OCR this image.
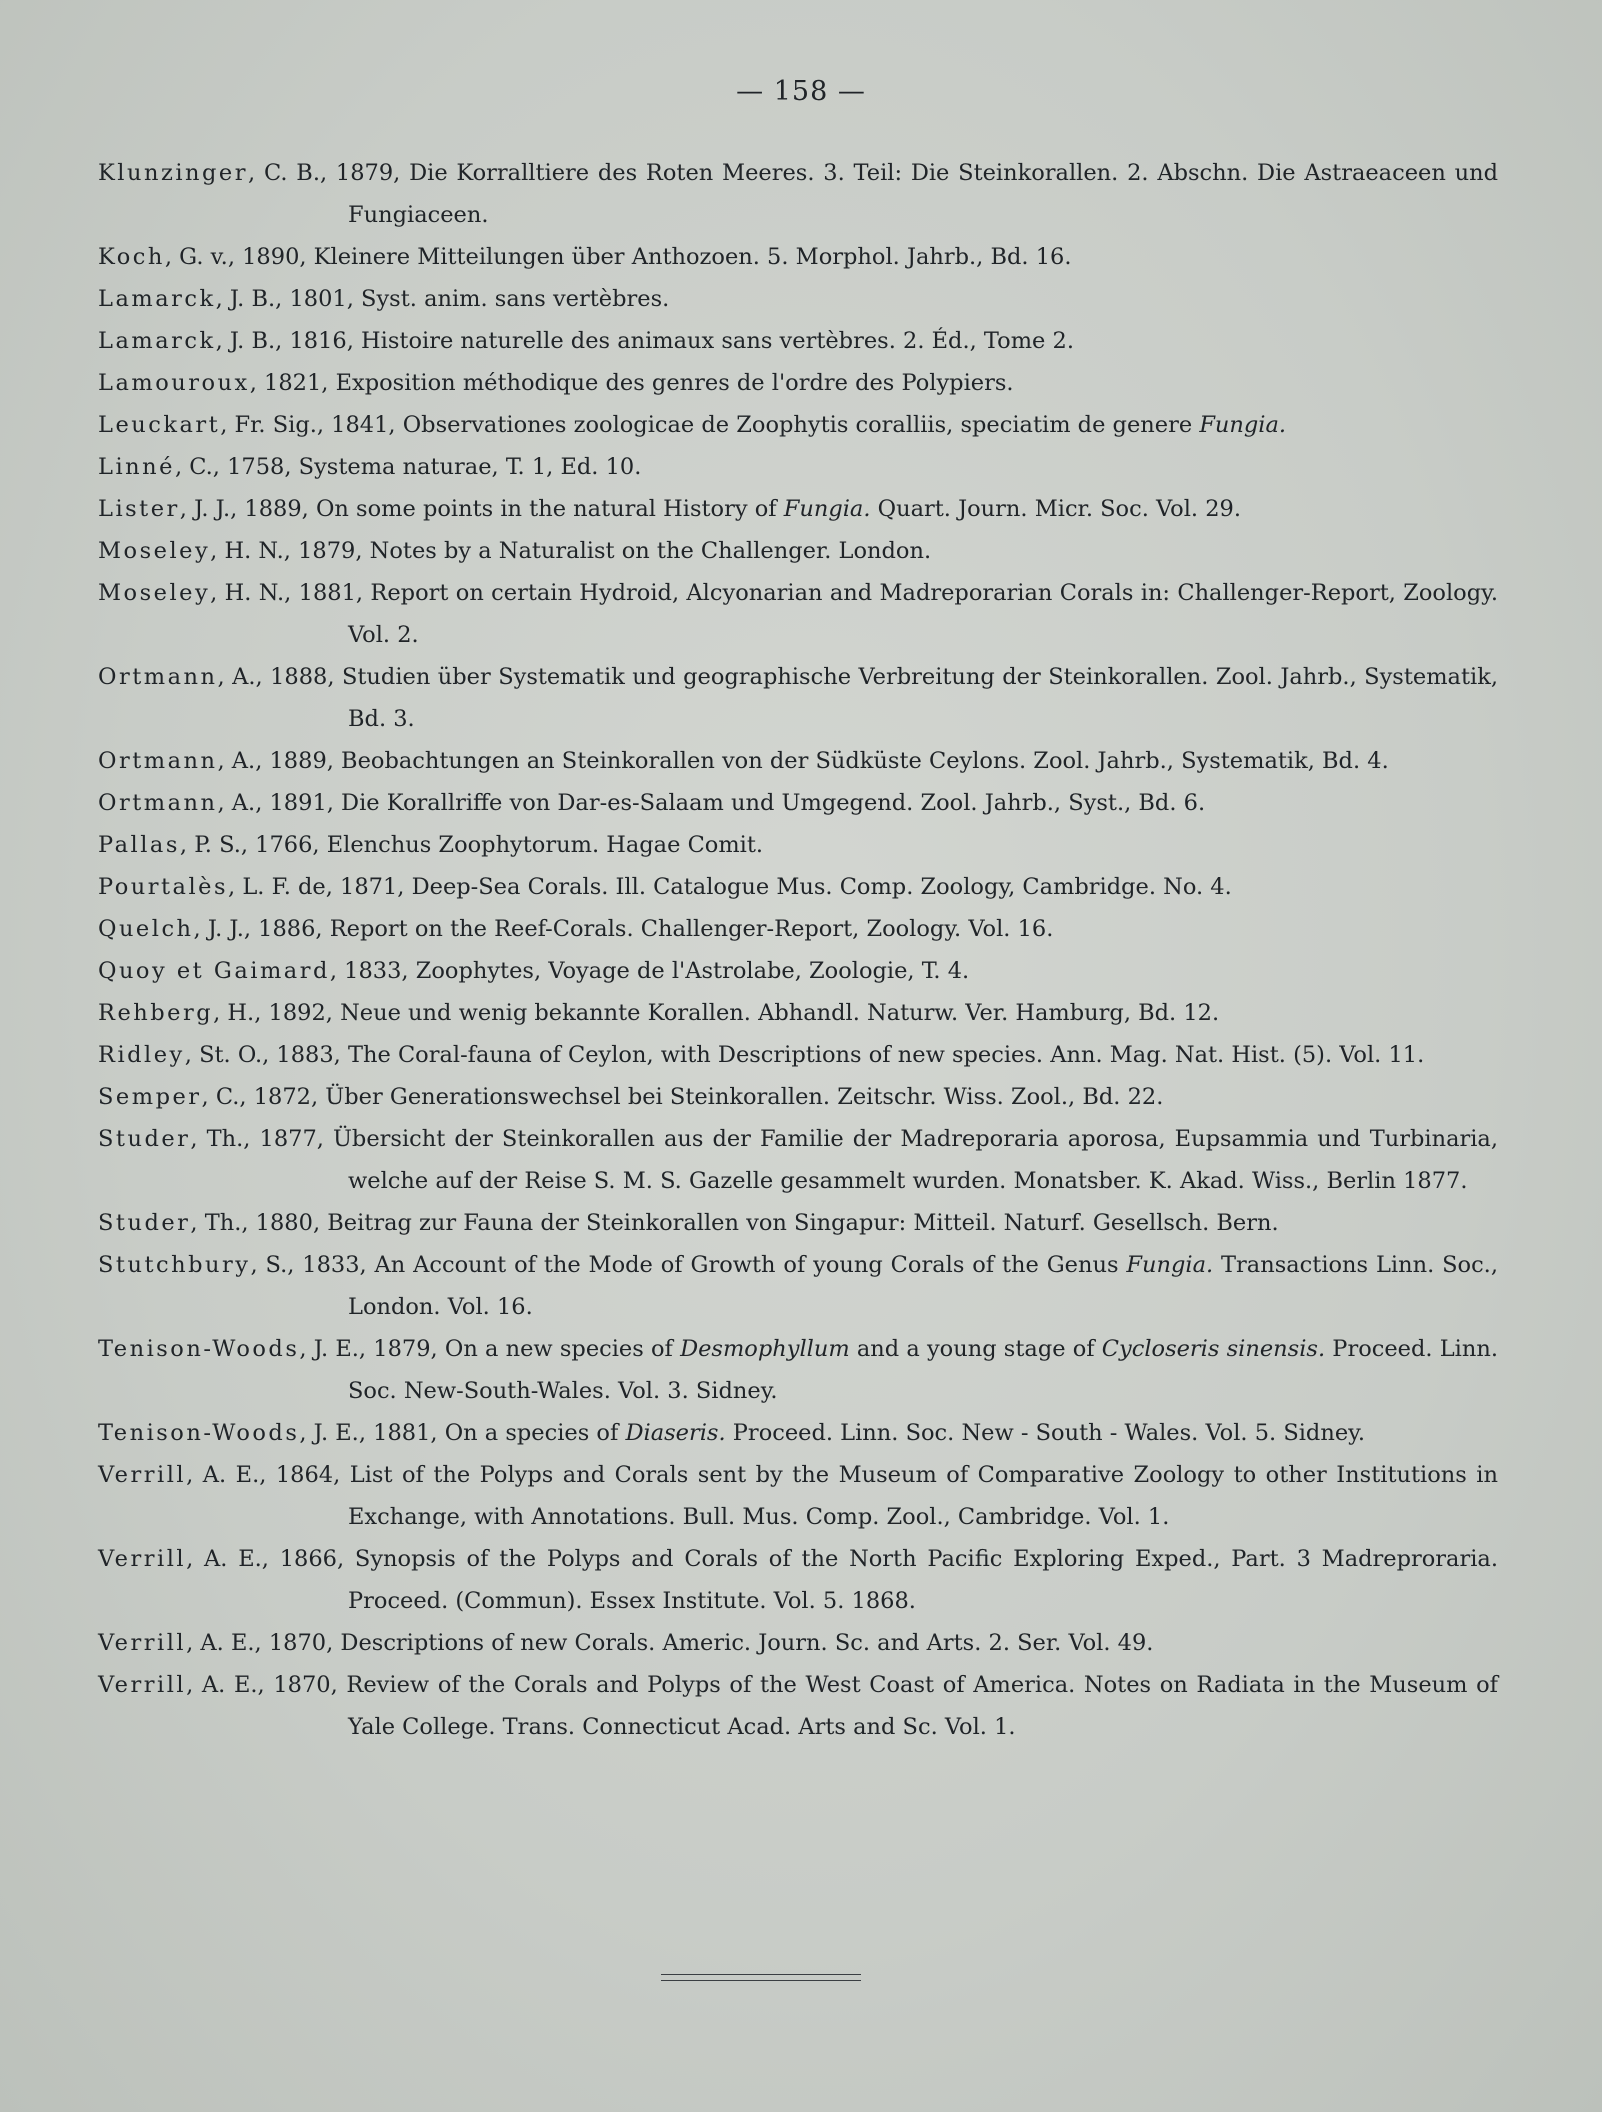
— 158 —
Klunzinger, C. B., 1879, Die Korralltiere des Roten Meeres. 3. Teil: Die Steinkorallen. 2. Abschn. Die Astraeaceen und Fungiaceen.
Koch, G. v., 1890, Kleinere Mitteilungen über Anthozoen. 5. Morphol. Jahrb., Bd. 16.
Lamarck, J. B., 1801, Syst. anim. sans vertèbres.
Lamarck, J. B., 1816, Histoire naturelle des animaux sans vertèbres. 2. Éd., Tome 2.
Lamouroux, 1821, Exposition méthodique des genres de l'ordre des Polypiers.
Leuckart, Fr. Sig., 1841, Observationes zoologicae de Zoophytis coralliis, speciatim de genere Fungia.
Linné, C., 1758, Systema naturae, T. 1, Ed. 10.
Lister, J. J., 1889, On some points in the natural History of Fungia. Quart. Journ. Micr. Soc. Vol. 29.
Moseley, H. N., 1879, Notes by a Naturalist on the Challenger. London.
Moseley, H. N., 1881, Report on certain Hydroid, Alcyonarian and Madreporarian Corals in: Challenger-Report, Zoology. Vol. 2.
Ortmann, A., 1888, Studien über Systematik und geographische Verbreitung der Steinkorallen. Zool. Jahrb., Systematik, Bd. 3.
Ortmann, A., 1889, Beobachtungen an Steinkorallen von der Südküste Ceylons. Zool. Jahrb., Systematik, Bd. 4.
Ortmann, A., 1891, Die Korallriffe von Dar-es-Salaam und Umgegend. Zool. Jahrb., Syst., Bd. 6.
Pallas, P. S., 1766, Elenchus Zoophytorum. Hagae Comit.
Pourtalès, L. F. de, 1871, Deep-Sea Corals. Ill. Catalogue Mus. Comp. Zoology, Cambridge. No. 4.
Quelch, J. J., 1886, Report on the Reef-Corals. Challenger-Report, Zoology. Vol. 16.
Quoy et Gaimard, 1833, Zoophytes, Voyage de l'Astrolabe, Zoologie, T. 4.
Rehberg, H., 1892, Neue und wenig bekannte Korallen. Abhandl. Naturw. Ver. Hamburg, Bd. 12.
Ridley, St. O., 1883, The Coral-fauna of Ceylon, with Descriptions of new species. Ann. Mag. Nat. Hist. (5). Vol. 11.
Semper, C., 1872, Über Generationswechsel bei Steinkorallen. Zeitschr. Wiss. Zool., Bd. 22.
Studer, Th., 1877, Übersicht der Steinkorallen aus der Familie der Madreporaria aporosa, Eupsammia und Turbinaria, welche auf der Reise S. M. S. Gazelle gesammelt wurden. Monatsber. K. Akad. Wiss., Berlin 1877.
Studer, Th., 1880, Beitrag zur Fauna der Steinkorallen von Singapur: Mitteil. Naturf. Gesellsch. Bern.
Stutchbury, S., 1833, An Account of the Mode of Growth of young Corals of the Genus Fungia. Transactions Linn. Soc., London. Vol. 16.
Tenison-Woods, J. E., 1879, On a new species of Desmophyllum and a young stage of Cycloseris sinensis. Proceed. Linn. Soc. New-South-Wales. Vol. 3. Sidney.
Tenison-Woods, J. E., 1881, On a species of Diaseris. Proceed. Linn. Soc. New - South - Wales. Vol. 5. Sidney.
Verrill, A. E., 1864, List of the Polyps and Corals sent by the Museum of Comparative Zoology to other Institutions in Exchange, with Annotations. Bull. Mus. Comp. Zool., Cambridge. Vol. 1.
Verrill, A. E., 1866, Synopsis of the Polyps and Corals of the North Pacific Exploring Exped., Part. 3 Madreproraria. Proceed. (Commun). Essex Institute. Vol. 5. 1868.
Verrill, A. E., 1870, Descriptions of new Corals. Americ. Journ. Sc. and Arts. 2. Ser. Vol. 49.
Verrill, A. E., 1870, Review of the Corals and Polyps of the West Coast of America. Notes on Radiata in the Museum of Yale College. Trans. Connecticut Acad. Arts and Sc. Vol. 1.
